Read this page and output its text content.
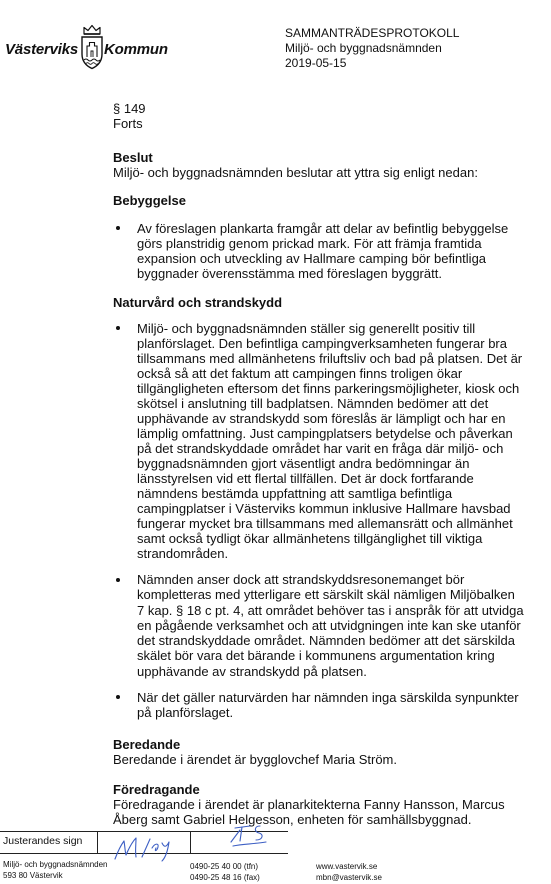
Västerviks Kommun
SAMMANTRÄDESPROTOKOLL
Miljö- och byggnadsnämnden
2019-05-15
§ 149
Forts
Beslut
Miljö- och byggnadsnämnden beslutar att yttra sig enligt nedan:
Bebyggelse
Av föreslagen plankarta framgår att delar av befintlig bebyggelse
görs planstridig genom prickad mark. För att främja framtida
expansion och utveckling av Hallmare camping bör befintliga
byggnader överensstämma med föreslagen byggrätt.
Naturvård och strandskydd
Miljö- och byggnadsnämnden ställer sig generellt positiv till
planförslaget. Den befintliga campingverksamheten fungerar bra
tillsammans med allmänhetens friluftsliv och bad på platsen. Det är
också så att det faktum att campingen finns troligen ökar
tillgängligheten eftersom det finns parkeringsmöjligheter, kiosk och
skötsel i anslutning till badplatsen. Nämnden bedömer att det
upphävande av strandskydd som föreslås är lämpligt och har en
lämplig omfattning. Just campingplatsers betydelse och påverkan
på det strandskyddade området har varit en fråga där miljö- och
byggnadsnämnden gjort väsentligt andra bedömningar än
länsstyrelsen vid ett flertal tillfällen. Det är dock fortfarande
nämndens bestämda uppfattning att samtliga befintliga
campingplatser i Västerviks kommun inklusive Hallmare havsbad
fungerar mycket bra tillsammans med allemansrätt och allmänhet
samt också tydligt ökar allmänhetens tillgänglighet till viktiga
strandområden.
Nämnden anser dock att strandskyddsresonemanget bör
kompletteras med ytterligare ett särskilt skäl nämligen Miljöbalken
7 kap. § 18 c pt. 4, att området behöver tas i anspråk för att utvidga
en pågående verksamhet och att utvidgningen inte kan ske utanför
det strandskyddade området. Nämnden bedömer att det särskilda
skälet bör vara det bärande i kommunens argumentation kring
upphävande av strandskydd på platsen.
När det gäller naturvärden har nämnden inga särskilda synpunkter
på planförslaget.
Beredande
Beredande i ärendet är bygglovchef Maria Ström.
Föredragande
Föredragande i ärendet är planarkitekterna Fanny Hansson, Marcus
Åberg samt Gabriel Helgesson, enheten för samhällsbyggnad.
Justerandes sign
Miljö- och byggnadsnämnden
593 80 Västervik
0490-25 40 00 (tfn)
0490-25 48 16 (fax)
www.vastervik.se
mbn@vastervik.se
